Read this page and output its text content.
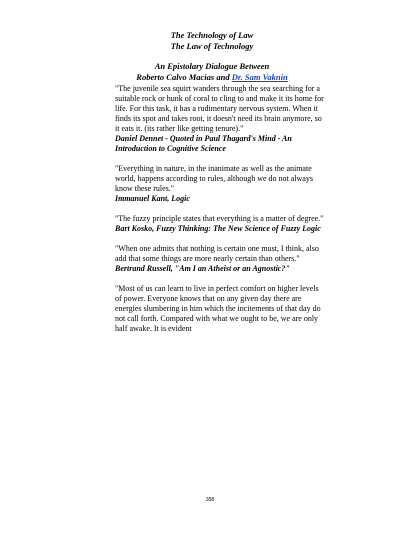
The Technology of Law
The Law of Technology
An Epistolary Dialogue Between
Roberto Calvo Macias and Dr. Sam Vaknin
"The juvenile sea squirt wanders through the sea searching for a suitable rock or hunk of coral to cling to and make it its home for life. For this task, it has a rudimentary nervous system. When it finds its spot and takes root, it doesn't need its brain anymore, so it eats it. (its rather like getting tenure)."
Daniel Dennet - Quoted in Paul Thagard's Mind - An Introduction to Cognitive Science
"Everything in nature, in the inanimate as well as the animate world, happens according to rules, although we do not always know these rules."
Immanuel Kant, Logic
"The fuzzy principle states that everything is a matter of degree."
Bart Kosko, Fuzzy Thinking: The New Science of Fuzzy Logic
"When one admits that nothing is certain one must, I think, also add that some things are more nearly certain than others."
Bertrand Russell, "Am I an Atheist or an Agnostic?"
"Most of us can learn to live in perfect comfort on higher levels of power. Everyone knows that on any given day there are energies slumbering in him which the incitements of that day do not call forth. Compared with what we ought to be, we are only half awake. It is evident
358
